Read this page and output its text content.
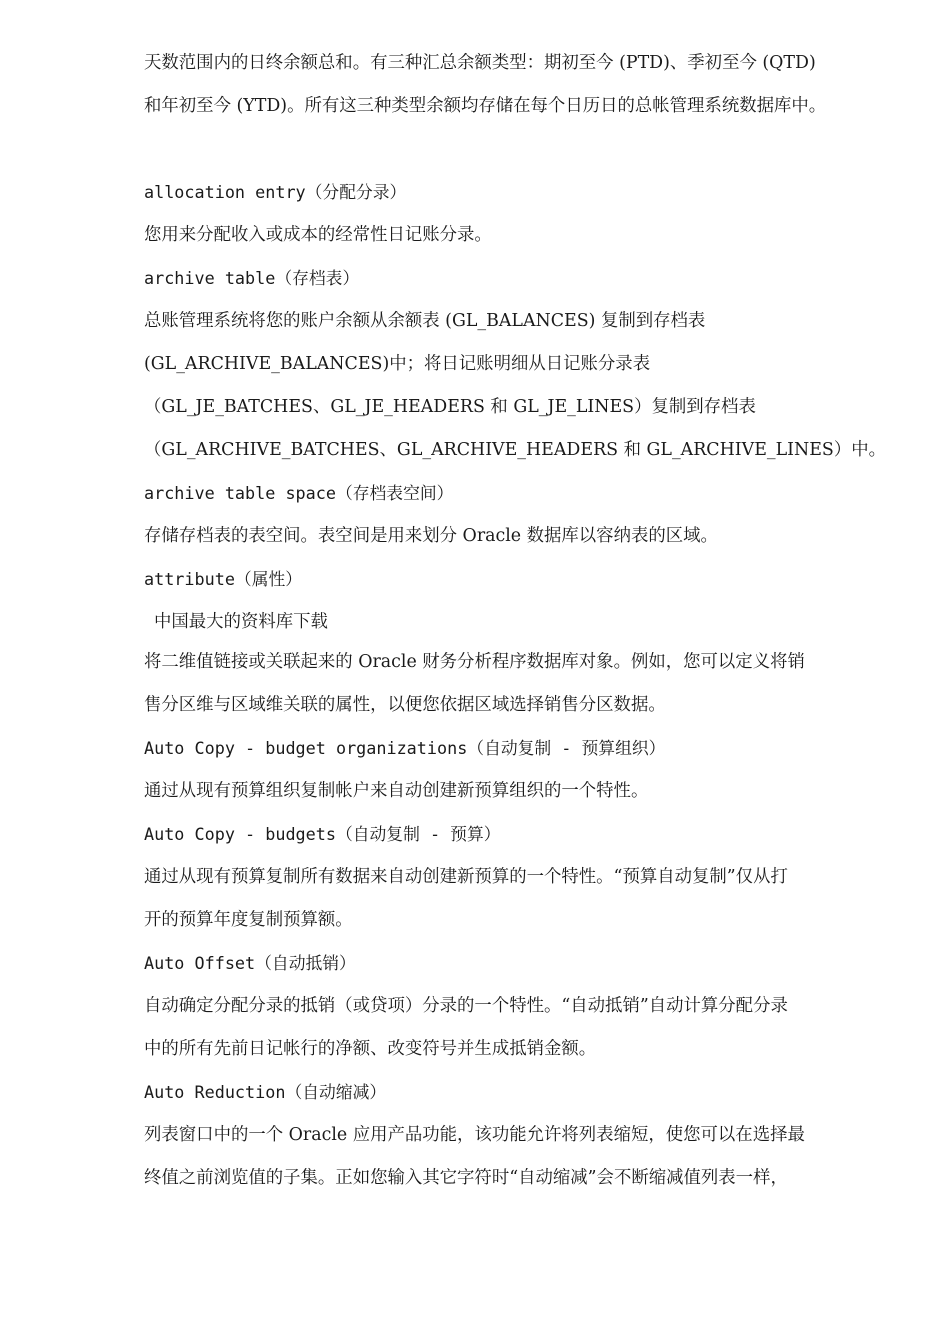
天数范围内的日终余额总和。有三种汇总余额类型：期初至今 (PTD)、季初至今 (QTD)
和年初至今 (YTD)。所有这三种类型余额均存储在每个日历日的总帐管理系统数据库中。
allocation entry（分配分录）
您用来分配收入或成本的经常性日记账分录。
archive table（存档表）
总账管理系统将您的账户余额从余额表 (GL_BALANCES) 复制到存档表
(GL_ARCHIVE_BALANCES)中；将日记账明细从日记账分录表
（GL_JE_BATCHES、GL_JE_HEADERS 和 GL_JE_LINES）复制到存档表
（GL_ARCHIVE_BATCHES、GL_ARCHIVE_HEADERS 和 GL_ARCHIVE_LINES）中。
archive table space（存档表空间）
存储存档表的表空间。表空间是用来划分 Oracle 数据库以容纳表的区域。
attribute（属性）
中国最大的资料库下载
将二维值链接或关联起来的 Oracle 财务分析程序数据库对象。例如，您可以定义将销
售分区维与区域维关联的属性，以便您依据区域选择销售分区数据。
Auto Copy - budget organizations（自动复制 - 预算组织）
通过从现有预算组织复制帐户来自动创建新预算组织的一个特性。
Auto Copy - budgets（自动复制 - 预算）
通过从现有预算复制所有数据来自动创建新预算的一个特性。“预算自动复制”仅从打
开的预算年度复制预算额。
Auto Offset（自动抵销）
自动确定分配分录的抵销（或贷项）分录的一个特性。“自动抵销”自动计算分配分录
中的所有先前日记帐行的净额、改变符号并生成抵销金额。
Auto Reduction（自动缩减）
列表窗口中的一个 Oracle 应用产品功能，该功能允许将列表缩短，使您可以在选择最
终值之前浏览值的子集。正如您输入其它字符时“自动缩减”会不断缩减值列表一样，
